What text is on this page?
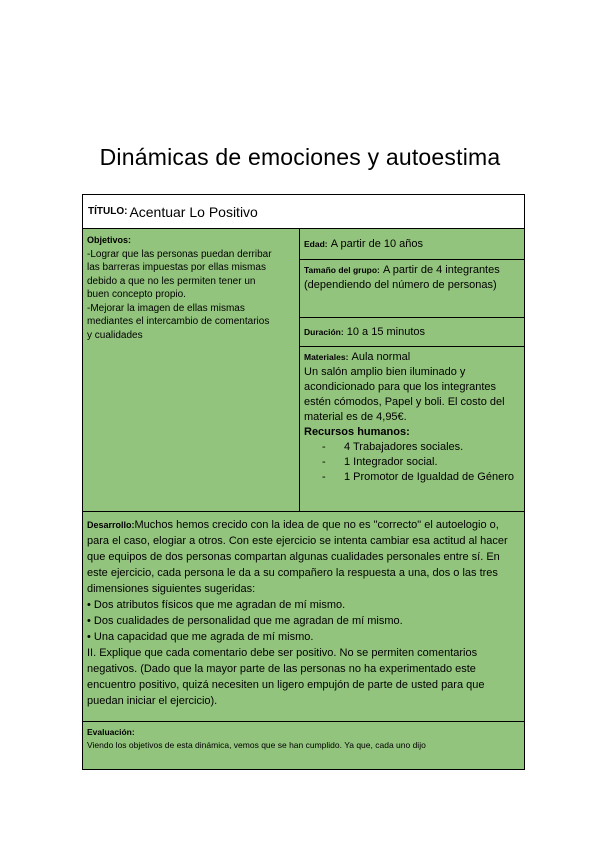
Dinámicas de emociones y autoestima
TÍTULO: Acentuar Lo Positivo
Objetivos:
-Lograr que las personas puedan derribar
las barreras impuestas por ellas mismas
debido a que no les permiten tener un
buen concepto propio.
-Mejorar la imagen de ellas mismas
mediantes el intercambio de comentarios
y cualidades
Edad:
A partir de 10 años
Tamaño del grupo: A partir de 4 integrantes (dependiendo del número de personas)
Duración:
10 a 15 minutos
Materiales: Aula normal
Un salón amplio bien iluminado y acondicionado para que los integrantes estén cómodos, Papel y boli. El costo del material es de 4,95€.
Recursos humanos:
-	4 Trabajadores sociales.
-	1 Integrador social.
-	1 Promotor de Igualdad de Género
Desarrollo:Muchos hemos crecido con la idea de que no es "correcto" el autoelogio o, para el caso, elogiar a otros. Con este ejercicio se intenta cambiar esa actitud al hacer que equipos de dos personas compartan algunas cualidades personales entre sí. En este ejercicio, cada persona le da a su compañero la respuesta a una, dos o las tres dimensiones siguientes sugeridas:
• Dos atributos físicos que me agradan de mí mismo.
• Dos cualidades de personalidad que me agradan de mí mismo.
• Una capacidad que me agrada de mí mismo.
II. Explique que cada comentario debe ser positivo. No se permiten comentarios negativos. (Dado que la mayor parte de las personas no ha experimentado este encuentro positivo, quizá necesiten un ligero empujón de parte de usted para que puedan iniciar el ejercicio).
Evaluación:
Viendo los objetivos de esta dinámica, vemos que se han cumplido. Ya que, cada uno dijo
